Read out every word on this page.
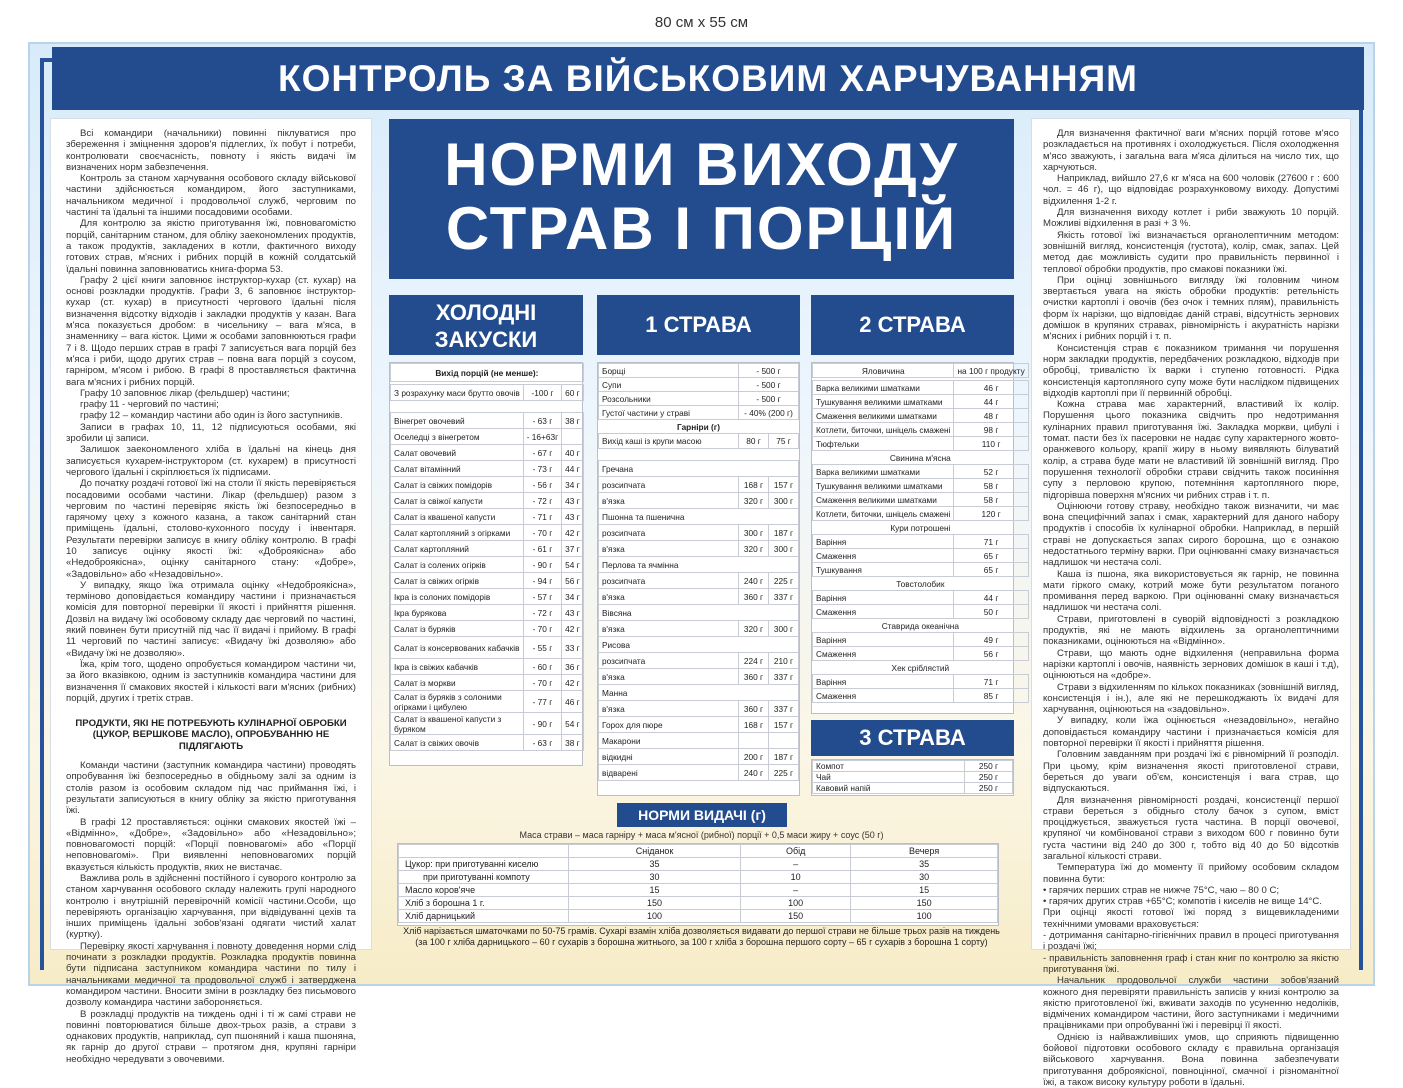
80 см х 55 см
КОНТРОЛЬ ЗА ВІЙСЬКОВИМ ХАРЧУВАННЯМ

Всі командири (начальники) повинні піклуватися про збереження і зміцнення здоров'я підлеглих, їх побут і потреби, контролювати своєчасність, повноту і якість видачі їм визначених норм забезпечення.

Контроль за станом харчування особового складу військової частини здійснюється командиром, його заступниками, начальником медичної і продовольчої служб, черговим по частині та їдальні та іншими посадовими особами.

Для контролю за якістю приготування їжі, повновагомістю порцій, санітарним станом, для обліку заекономлених продуктів, а також продуктів, закладених в котли, фактичного виходу готових страв, м'ясних і рибних порцій в кожній солдатській їдальні повинна заповнюватись книга-форма 53.

Графу 2 цієї книги заповнює інструктор-кухар (ст. кухар) на основі розкладки продуктів. Графи 3, 6 заповнює інструктор-кухар (ст. кухар) в присутності чергового їдальні після визначення відсотку відходів і закладки продуктів у казан. Вага м'яса показується дробом: в чисельнику – вага м'яса, в знаменнику – вага кісток. Цими ж особами заповнюються графи 7 і 8. Щодо перших страв в графі 7 записується вага порцій без м'яса і риби, щодо других страв – повна вага порцій з соусом, гарніром, м'ясом і рибою. В графі 8 проставляється фактична вага м'ясних і рибних порцій.

Графу 10 заповнює лікар (фельдшер) частини;

графу 11 - черговий по частині;

графу 12 – командир частини або один із його заступників.

Записи в графах 10, 11, 12 підписуються особами, які зробили ці записи.

Залишок заекономленого хліба в їдальні на кінець дня записується кухарем-інструктором (ст. кухарем) в присутності чергового їдальні і скріплюється їх підписами.

До початку роздачі готової їжі на столи її якість перевіряється посадовими особами частини. Лікар (фельдшер) разом з черговим по частині перевіряє якість їжі безпосередньо в гарячому цеху з кожного казана, а також санітарний стан приміщень їдальні, столово-кухонного посуду і інвентаря. Результати перевірки записує в книгу обліку контролю. В графі 10 записує оцінку якості їжі: «Доброякісна» або «Недоброякісна», оцінку санітарного стану: «Добре», «Задовільно» або «Незадовільно».

У випадку, якщо їжа отримала оцінку «Недоброякісна», терміново доповідається командиру частини і призначається комісія для повторної перевірки її якості і прийняття рішення. Дозвіл на видачу їжі особовому складу дає черговий по частині, який повинен бути присутній під час її видачі і прийому. В графі 11 черговий по частині записує: «Видачу їжі дозволяю» або «Видачу їжі не дозволяю».

Їжа, крім того, щодено опробується командиром частини чи, за його вказівкою, одним із заступників командира частини для визначення її смакових якостей і кількості ваги м'ясних (рибних) порцій, других і третіх страв.

ПРОДУКТИ, ЯКІ НЕ ПОТРЕБУЮТЬ КУЛІНАРНОЇ ОБРОБКИ (ЦУКОР, ВЕРШКОВЕ МАСЛО), ОПРОБУВАННЮ НЕ ПІДЛЯГАЮТЬ

Команди частини (заступник командира частини) проводять опробування їжі безпосередньо в обідньому залі за одним із столів разом із особовим складом під час приймання їжі, і результати записуються в книгу обліку за якістю приготування їжі.

В графі 12 проставляється: оцінки смакових якостей їжі – «Відмінно», «Добре», «Задовільно» або «Незадовільно»; повновагомості порцій: «Порції повновагомі» або «Порції неповновагомі». При виявленні неповновагомих порцій вказується кількість продуктів, яких не вистачає.

Важлива роль в здійсненні постійного і суворого контролю за станом харчування особового складу належить групі народного контролю і внутрішній перевірочній комісії частини.Особи, що перевіряють організацію харчування, при відвідуванні цехів та інших приміщень їдальні зобов'язані одягати чистий халат (куртку).

Перевірку якості харчування і повноту доведення норми слід починати з розкладки продуктів. Розкладка продуктів повинна бути підписана заступником командира частини по тилу і начальниками медичної та продовольчої служб і затверджена командиром частини. Вносити зміни в розкладку без письмового дозволу командира частини забороняється.

В розкладці продуктів на тиждень одні і ті ж самі страви не повинні повторюватися більше двох-трьох разів, а страви з однакових продуктів, наприклад, суп пшоняний і каша пшоняна, як гарнір до другої страви – протягом дня, крупяні гарніри необхідно чередувати з овочевими.

НОРМИ ВИХОДУ
СТРАВ І ПОРЦІЙ
ХОЛОДНІ ЗАКУСКИ
1 СТРАВА	2 СТРАВА
Вихід порцій (не менше):		

З розрахунку маси брутто овочів	-100 г	60 г

Вінегрет овочевий	- 63 г	38 г
Оселедці з вінегретом	- 16+63г	
Салат овочевий	- 67 г	40 г
Салат вітамінний	- 73 г	44 г
Салат із свіжих помідорів	- 56 г	34 г
Салат із свіжої капусти	- 72 г	43 г
Салат із квашеної капусти	- 71 г	43 г
Салат картопляний з огірками	- 70 г	42 г
Салат картопляний	- 61 г	37 г
Салат із солених огірків	- 90 г	54 г
Салат із свіжих огірків	- 94 г	56 г
Ікра із солоних помідорів	- 57 г	34 г
Ікра бурякова	- 72 г	43 г
Салат із буряків	- 70 г	42 г
Салат із консервованих кабачків	- 55 г	33 г
Ікра із свіжих кабачків	- 60 г	36 г
Салат із моркви	- 70 г	42 г
Салат із буряків з солоними огірками і цибулею	- 77 г	46 г
Салат із квашеної капусти з буряком	- 90 г	54 г
Салат із свіжих овочів	- 63 г	38 г
Борщі	- 500 г	
Супи	- 500 г	
Розсольники	- 500 г	
Густої частини у страві	- 40% (200 г)	
Гарніри (г)		
Вихід каші із крупи масою	80 г	75 г

Гречана		
розсипчата	168 г	157 г
в'язка	320 г	300 г
Пшонна та пшенична		
розсипчата	300 г	187 г
в'язка	320 г	300 г
Перлова та ячмінна		
розсипчата	240 г	225 г
в'язка	360 г	337 г
Вівсяна		
в'язка	320 г	300 г
Рисова		
розсипчата	224 г	210 г
в'язка	360 г	337 г
Манна		
в'язка	360 г	337 г
Горох для пюре	168 г	157 г
Макарони		
відкидні	200 г	187 г
відварені	240 г	225 г
Яловичина	на 100 г продукту

Варка великими шматками	46 г
Тушкування великими шматками	44 г
Смаження великими шматками	48 г
Котлети, биточки, шніцель смажені	98 г
Тюфтельки	110 г
Свинина м'ясна	
Варка великими шматками	52 г
Тушкування великими шматками	58 г
Смаження великими шматками	58 г
Котлети, биточки, шніцель смажені	120 г
Кури потрошені	
Варіння	71 г
Смаження	65 г
Тушкування	65 г
Товстолобик	
Варіння	44 г
Смаження	50 г
Ставрида океанічна	
Варіння	49 г
Смаження	56 г
Хек сріблястий	
Варіння	71 г
Смаження	85 г
3 СТРАВА
Компот	250 г
Чай	250 г
Кавовий напій	250 г
НОРМИ ВИДАЧІ (г)
Маса страви – маса гарніру + маса м'ясної (рибної) порції + 0,5 маси жиру + соус (50 г)
	Сніданок	Обід	Вечеря
Цукор: при приготуванні киселю	35	–	35
при приготуванні компоту	30	10	30
Масло коров'яче	15	–	15
Хліб з борошна 1 г.	150	100	150
Хліб дарницький	100	150	100
Хліб нарізається шматочками по 50-75 грамів. Сухарі взамін хліба дозволяється видавати до першої страви не більше трьох разів на тиждень
(за 100 г хліба дарницького – 60 г сухарів з борошна житнього, за 100 г хліба з борошна першого сорту – 65 г сухарів з борошна 1 сорту)

Для визначення фактичної ваги м'ясних порцій готове м'ясо розкладається на противнях і охолоджується. Після охолодження м'ясо зважують, і загальна вага м'яса ділиться на число тих, що харчуються.

Наприклад, вийшло 27,6 кг м'яса на 600 чоловік (27600 г : 600 чол. = 46 г), що відповідає розрахунковому виходу. Допустимі відхилення 1-2 г.

Для визначення виходу котлет і риби зважують 10 порцій. Можливі відхилення в разі + 3 %.

Якість готової їжі визначається органолептичним методом: зовнішній вигляд, консистенція (густота), колір, смак, запах. Цей метод дає можливість судити про правильність первинної і теплової обробки продуктів, про смакові показники їжі.

При оцінці зовнішнього вигляду їжі головним чином звертається увага на якість обробки продуктів: ретельність очистки картоплі і овочів (без очок і темних плям), правильність форм їх нарізки, що відповідає даній страві, відсутність зернових домішок в крупяних стравах, рівномірність і акуратність нарізки м'ясних і рибних порцій і т. п.

Консистенція страв є показником тримання чи порушення норм закладки продуктів, передбачених розкладкою, відходів при обробці, тривалістю їх варки і ступеню готовності. Рідка консистенція картопляного супу може бути наслідком підвищених відходів картоплі при її первинній обробці.

Кожна страва має характерний, властивий їх колір. Порушення цього показника свідчить про недотримання кулінарних правил приготування їжі. Закладка моркви, цибулі і томат. пасти без їх пасеровки не надає супу характерного жовто-оранжевого кольору, крапії жиру в ньому виявляють білуватий колір, а страва буде мати не властивий їй зовнішній вигляд. Про порушення технології обробки страви свідчить також посиніння супу з перловою крупою, потемніння картопляного пюре, підгорівша поверхня м'ясних чи рибних страв і т. п.

Оцінюючи готову страву, необхідно також визначити, чи має вона специфічний запах і смак, характерний для даного набору продуктів і способів їх кулінарної обробки. Наприклад, в першій страві не допускається запах сирого борошна, що є ознакою недостатнього терміну варки. При оцінюванні смаку визначається надлишок чи нестача солі.

Каша із пшона, яка використовується як гарнір, не повинна мати гіркого смаку, котрий може бути результатом поганого промивання перед варкою. При оцінюванні смаку визначається надлишок чи нестача солі.

Страви, приготовлені в суворій відповідності з розкладкою продуктів, які не мають відхилень за органолептичними показниками, оцінюються на «Відмінно».

Страви, що мають одне відхилення (неправильна форма нарізки картоплі і овочів, наявність зернових домішок в каші і т.д), оцінюються на «добре».

Страви з відхиленням по кількох показниках (зовнішній вигляд, консистенція і ін.), але які не перешкоджають їх видачі для харчування, оцінюються на «задовільно».

У випадку, коли їжа оцінюється «незадовільно», негайно доповідається командиру частини і призначається комісія для повторної перевірки її якості і прийняття рішення.

Головним завданням при роздачі їжі є рівномірний її розподіл. При цьому, крім визначення якості приготовленої страви, береться до уваги об'єм, консистенція і вага страв, що відпускаються.

Для визначення рівномірності роздачі, консистенції першої страви береться з обідньго столу бачок з супом, вміст проціджується, зважується густа частина. В порції овочевої, крупяної чи комбінованої страви з виходом 600 г повинно бути густа частини від 240 до 300 г, тобто від 40 до 50 відсотків загальної кількості страви.

Температура їжі до моменту її прийому особовим складом повинна бути:

• гарячих перших страв не нижче 75°С, чаю – 80 0 С;

• гарячих других страв +65°С; компотів і киселів не вище 14°С.

При оцінці якості готової їжі поряд з вищевикладеними технічними умовами враховується:

- дотримання санітарно-гігієнічних правил в процесі приготування і роздачі їжі;

- правильність заповнення граф і стан книг по контролю за якістю приготування їжі.

Начальник продовольчої служби частини зобов'язаний кожного дня перевіряти правильність записів у книзі контролю за якістю приготовленої їжі, вживати заходів по усуненню недоліків, відмічених командиром частини, його заступниками і медичними працівниками при опробуванні їжі і перевірці її якості.

Однією із найважливіших умов, що сприяють підвищенню бойової підготовки особового складу є правильна організація військового харчування. Вона повинна забезпечувати приготування доброякісної, повноцінної, смачної і різноманітної їжі, а також високу культуру роботи в їдальні.
